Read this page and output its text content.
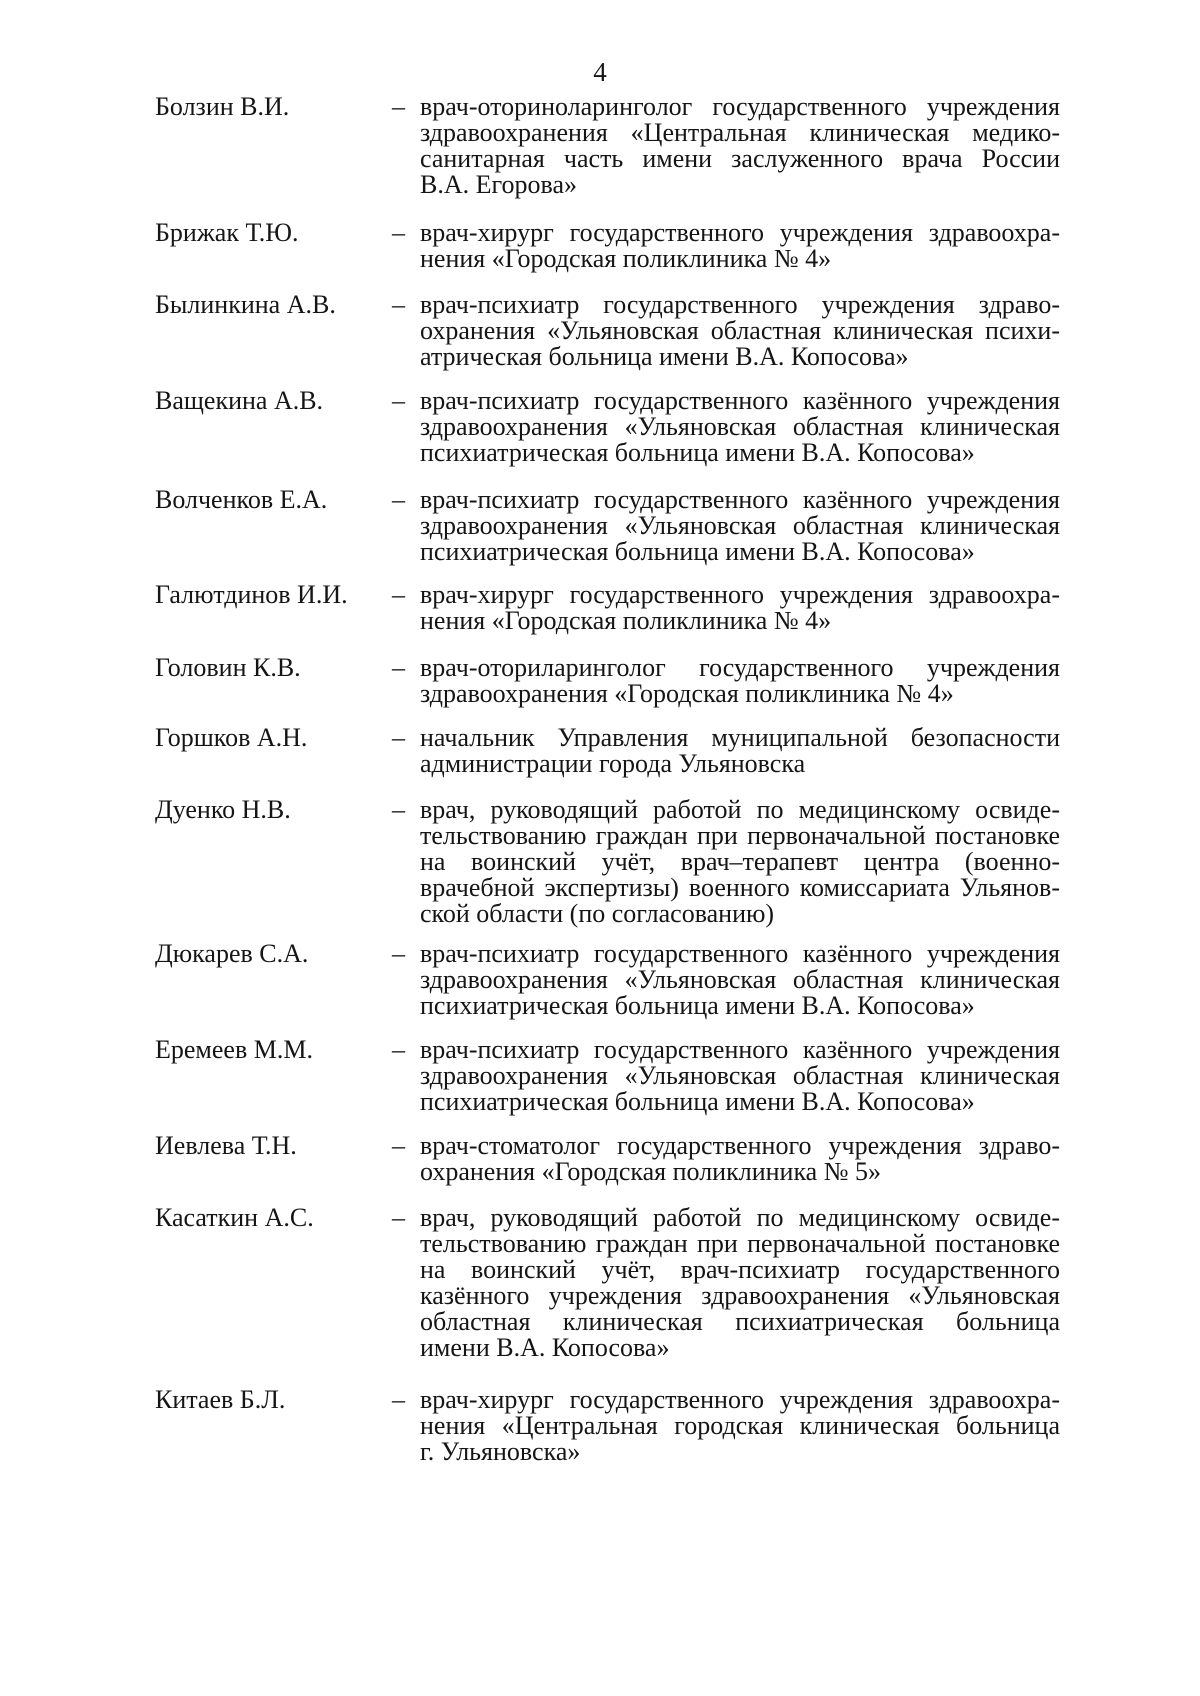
4
Болзин В.И.	– врач-оториноларинголог государственного учреждения
здравоохранения «Центральная клиническая медико-
санитарная часть имени заслуженного врача России
В.А. Егорова»
Брижак Т.Ю.	– врач-хирург государственного учреждения здравоохра-
нения «Городская поликлиника № 4»
Былинкина А.В. – врач-психиатр государственного учреждения здраво-
охранения «Ульяновская областная клиническая психи-
атрическая больница имени В.А. Копосова»
Ващекина А.В.	– врач-психиатр государственного казённого учреждения
здравоохранения «Ульяновская областная клиническая
психиатрическая больница имени В.А. Копосова»
Волченков Е.А. – врач-психиатр государственного казённого учреждения
здравоохранения «Ульяновская областная клиническая
психиатрическая больница имени В.А. Копосова»
Галютдинов И.И. – врач-хирург государственного учреждения здравоохра-
нения «Городская поликлиника № 4»
Головин К.В.	– врач-оториларинголог государственного учреждения
здравоохранения «Городская поликлиника № 4»
Горшков А.Н.	– начальник Управления муниципальной безопасности
администрации города Ульяновска
Дуенко Н.В.	– врач, руководящий работой по медицинскому освиде-
тельствованию граждан при первоначальной постановке
на воинский учёт, врач–терапевт центра (военно-
врачебной экспертизы) военного комиссариата Ульянов-
ской области (по согласованию)
Дюкарев С.А.	– врач-психиатр государственного казённого учреждения
здравоохранения «Ульяновская областная клиническая
психиатрическая больница имени В.А. Копосова»
Еремеев М.М.	– врач-психиатр государственного казённого учреждения
здравоохранения «Ульяновская областная клиническая
психиатрическая больница имени В.А. Копосова»
Иевлева Т.Н.	– врач-стоматолог государственного учреждения здраво-
охранения «Городская поликлиника № 5»
Касаткин А.С.	– врач, руководящий работой по медицинскому освиде-
тельствованию граждан при первоначальной постановке
на воинский учёт, врач-психиатр государственного
казённого учреждения здравоохранения «Ульяновская
областная клиническая психиатрическая больница
имени В.А. Копосова»
Китаев Б.Л.	– врач-хирург государственного учреждения здравоохра-
нения «Центральная городская клиническая больница
г. Ульяновска»
